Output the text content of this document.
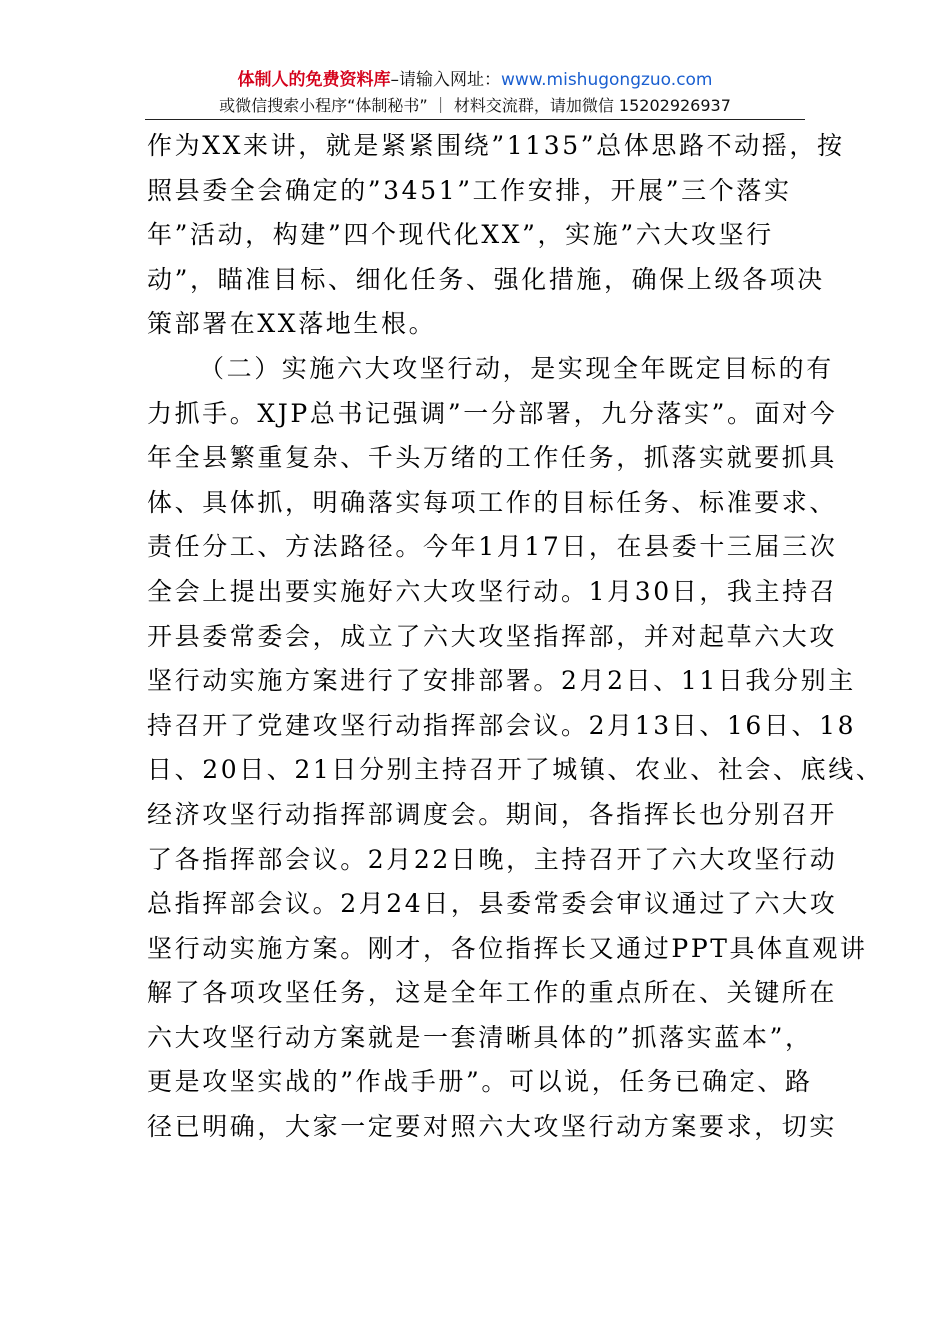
体制人的免费资料库–请输入网址：www.mishugongzuo.com
或微信搜索小程序“体制秘书” ｜ 材料交流群，请加微信 15202926937
作为XX来讲，就是紧紧围绕”1135”总体思路不动摇，按
照县委全会确定的”3451”工作安排，开展”三个落实
年”活动，构建”四个现代化XX”，实施”六大攻坚行
动”，瞄准目标、细化任务、强化措施，确保上级各项决
策部署在XX落地生根。
（二）实施六大攻坚行动，是实现全年既定目标的有
力抓手。XJP总书记强调”一分部署，九分落实”。面对今
年全县繁重复杂、千头万绪的工作任务，抓落实就要抓具
体、具体抓，明确落实每项工作的目标任务、标准要求、
责任分工、方法路径。今年1月17日，在县委十三届三次
全会上提出要实施好六大攻坚行动。1月30日，我主持召
开县委常委会，成立了六大攻坚指挥部，并对起草六大攻
坚行动实施方案进行了安排部署。2月2日、11日我分别主
持召开了党建攻坚行动指挥部会议。2月13日、16日、18
日、20日、21日分别主持召开了城镇、农业、社会、底线、
经济攻坚行动指挥部调度会。期间，各指挥长也分别召开
了各指挥部会议。2月22日晚，主持召开了六大攻坚行动
总指挥部会议。2月24日，县委常委会审议通过了六大攻
坚行动实施方案。刚才，各位指挥长又通过PPT具体直观讲
解了各项攻坚任务，这是全年工作的重点所在、关键所在
六大攻坚行动方案就是一套清晰具体的”抓落实蓝本”，
更是攻坚实战的”作战手册”。可以说，任务已确定、路
径已明确，大家一定要对照六大攻坚行动方案要求，切实
